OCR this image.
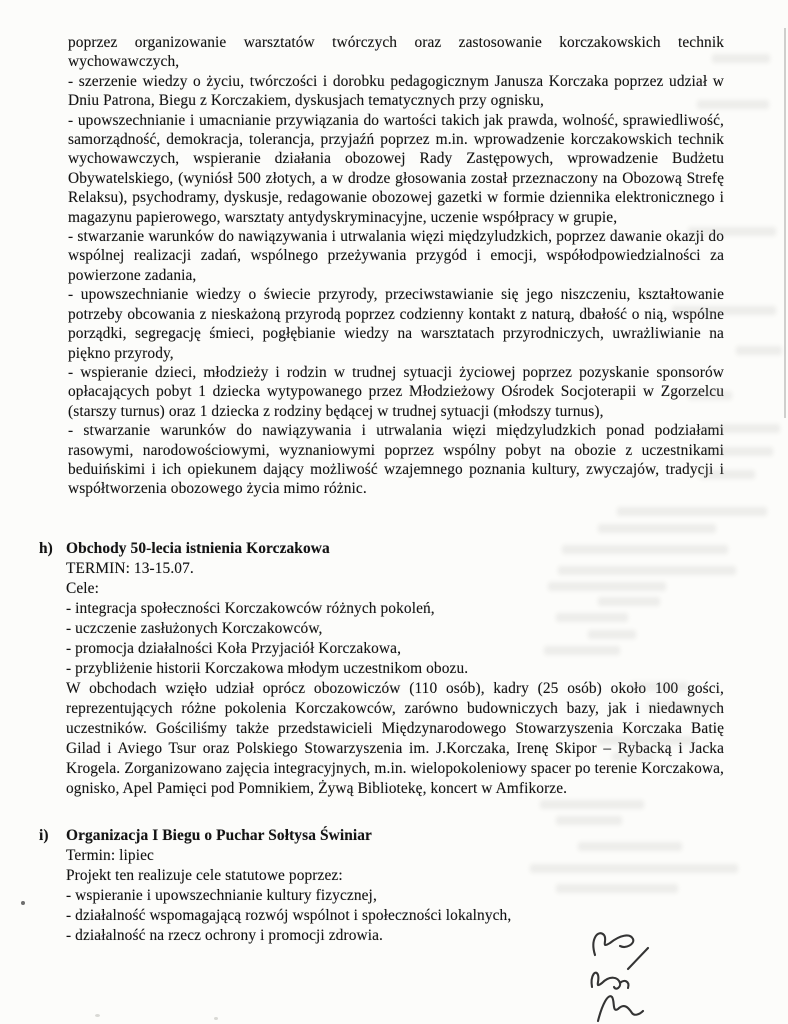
poprzez organizowanie warsztatów twórczych oraz zastosowanie korczakowskich technik wychowawczych,

- szerzenie wiedzy o życiu, twórczości i dorobku pedagogicznym Janusza Korczaka poprzez udział w Dniu Patrona, Biegu z Korczakiem, dyskusjach tematycznych przy ognisku,

- upowszechnianie i umacnianie przywiązania do wartości takich jak prawda, wolność, sprawiedliwość, samorządność, demokracja, tolerancja, przyjaźń poprzez m.in. wprowadzenie korczakowskich technik wychowawczych, wspieranie działania obozowej Rady Zastępowych, wprowadzenie Budżetu Obywatelskiego, (wyniósł 500 złotych, a w drodze głosowania został przeznaczony na Obozową Strefę Relaksu), psychodramy, dyskusje, redagowanie obozowej gazetki w formie dziennika elektronicznego i magazynu papierowego, warsztaty antydyskryminacyjne, uczenie współpracy w grupie,

- stwarzanie warunków do nawiązywania i utrwalania więzi międzyludzkich, poprzez dawanie okazji do wspólnej realizacji zadań, wspólnego przeżywania przygód i emocji, współodpowiedzialności za powierzone zadania,

- upowszechnianie wiedzy o świecie przyrody, przeciwstawianie się jego niszczeniu, kształtowanie potrzeby obcowania z nieskażoną przyrodą poprzez codzienny kontakt z naturą, dbałość o nią, wspólne porządki, segregację śmieci, pogłębianie wiedzy na warsztatach przyrodniczych, uwrażliwianie na piękno przyrody,

- wspieranie dzieci, młodzieży i rodzin w trudnej sytuacji życiowej poprzez pozyskanie sponsorów opłacających pobyt 1 dziecka wytypowanego przez Młodzieżowy Ośrodek Socjoterapii w Zgorzelcu (starszy turnus) oraz 1 dziecka z rodziny będącej w trudnej sytuacji (młodszy turnus),

- stwarzanie warunków do nawiązywania i utrwalania więzi międzyludzkich ponad podziałami rasowymi, narodowościowymi, wyznaniowymi poprzez wspólny pobyt na obozie z uczestnikami beduińskimi i ich opiekunem dający możliwość wzajemnego poznania kultury, zwyczajów, tradycji i współtworzenia obozowego życia mimo różnic.

h) Obchody 50-lecia istnienia Korczakowa
TERMIN: 13-15.07.
Cele:
- integracja społeczności Korczakowców różnych pokoleń,
- uczczenie zasłużonych Korczakowców,
- promocja działalności Koła Przyjaciół Korczakowa,
- przybliżenie historii Korczakowa młodym uczestnikom obozu.

W obchodach wzięło udział oprócz obozowiczów (110 osób), kadry (25 osób) około 100 gości, reprezentujących różne pokolenia Korczakowców, zarówno budowniczych bazy, jak i niedawnych uczestników. Gościliśmy także przedstawicieli Międzynarodowego Stowarzyszenia Korczaka Batię Gilad i Aviego Tsur oraz Polskiego Stowarzyszenia im. J.Korczaka, Irenę Skipor – Rybacką i Jacka Krogela. Zorganizowano zajęcia integracyjnych, m.in. wielopokoleniowy spacer po terenie Korczakowa, ognisko, Apel Pamięci pod Pomnikiem, Żywą Bibliotekę, koncert w Amfikorze.

i) Organizacja I Biegu o Puchar Sołtysa Świniar
Termin: lipiec
Projekt ten realizuje cele statutowe poprzez:
- wspieranie i upowszechnianie kultury fizycznej,
- działalność wspomagającą rozwój wspólnot i społeczności lokalnych,
- działalność na rzecz ochrony i promocji zdrowia.
